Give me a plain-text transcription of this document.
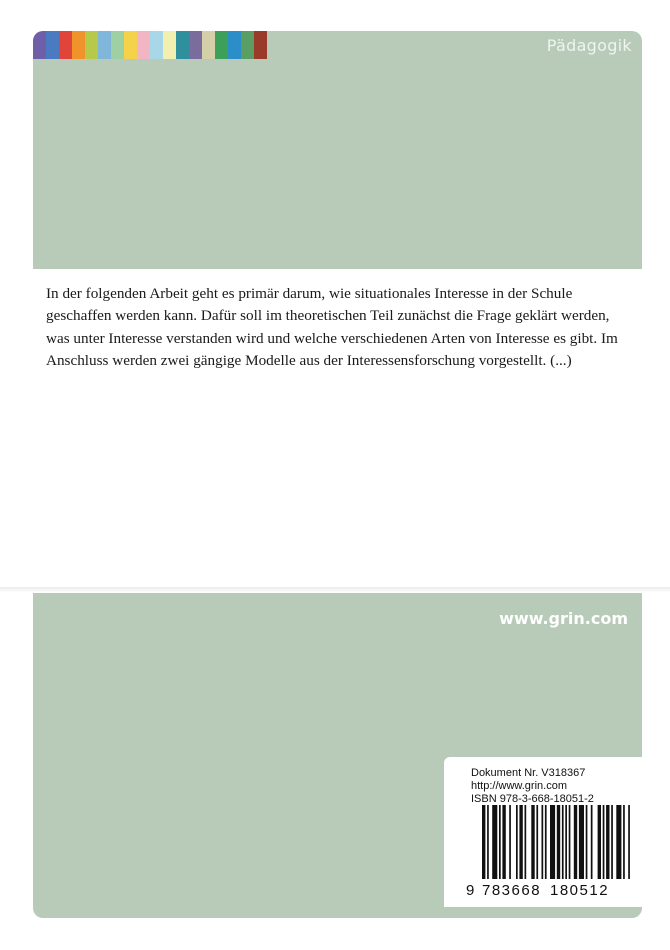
Pädagogik

In der folgenden Arbeit geht es primär darum, wie situationales Interesse in der Schule geschaffen werden kann. Dafür soll im theoretischen Teil zunächst die Frage geklärt werden, was unter Interesse verstanden wird und welche verschiedenen Arten von Interesse es gibt. Im Anschluss werden zwei gängige Modelle aus der Interessensforschung vorgestellt. (...)

www.grin.com
Dokument Nr. V318367
http://www.grin.com
ISBN 978-3-668-18051-2
9 783668 180512
